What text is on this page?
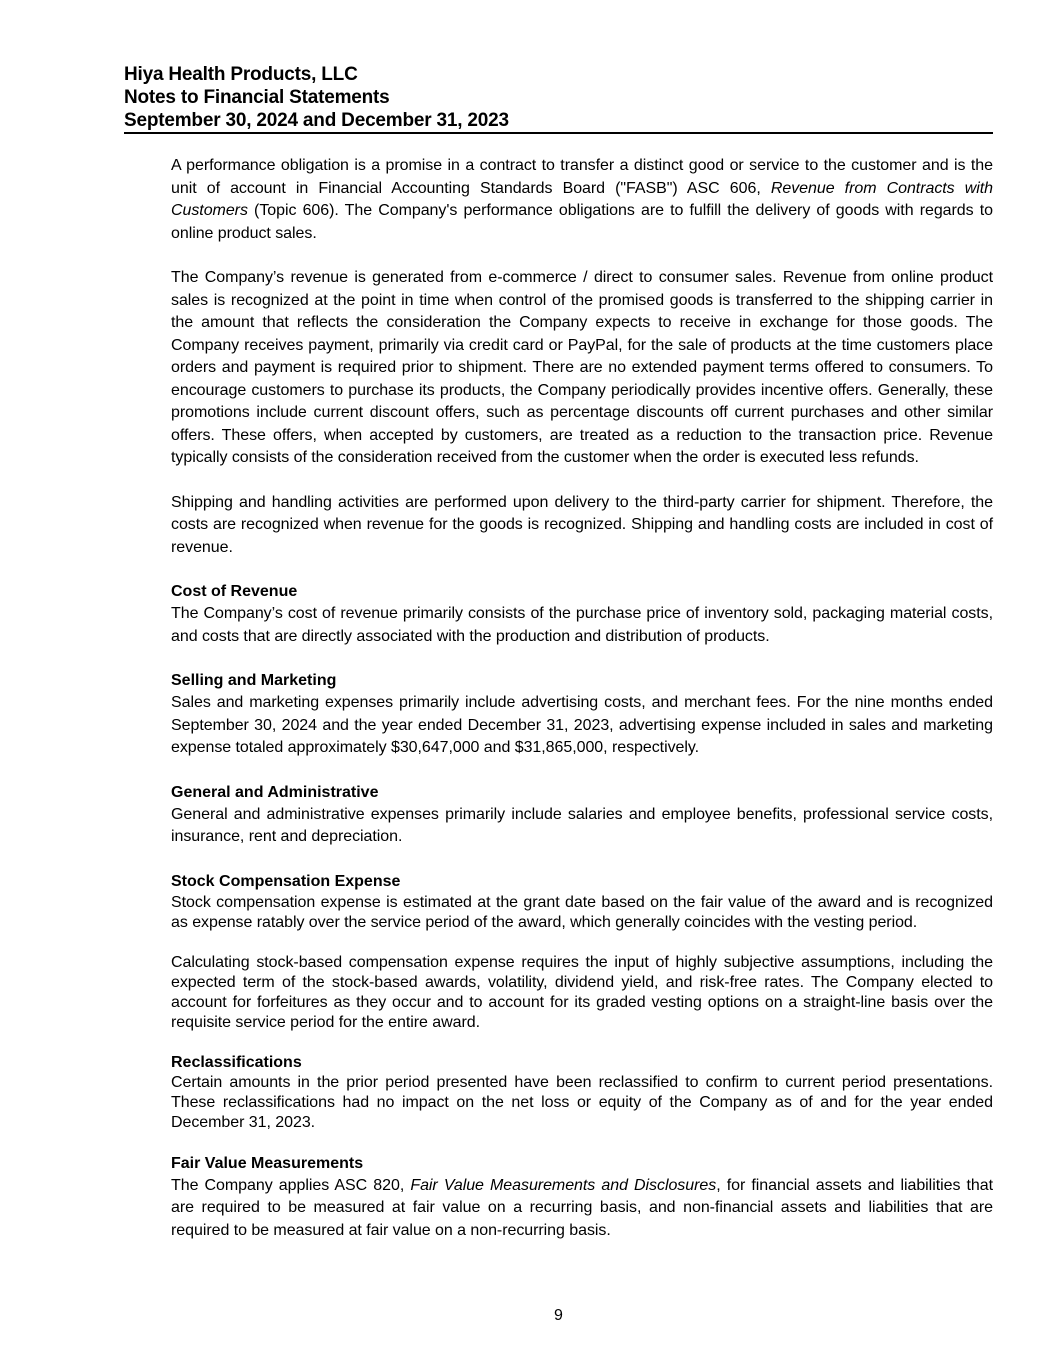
Hiya Health Products, LLC
Notes to Financial Statements
September 30, 2024 and December 31, 2023

A performance obligation is a promise in a contract to transfer a distinct good or service to the customer and is the unit of account in Financial Accounting Standards Board ("FASB") ASC 606, Revenue from Contracts with Customers (Topic 606). The Company's performance obligations are to fulfill the delivery of goods with regards to online product sales.

The Company’s revenue is generated from e-commerce / direct to consumer sales. Revenue from online product sales is recognized at the point in time when control of the promised goods is transferred to the shipping carrier in the amount that reflects the consideration the Company expects to receive in exchange for those goods. The Company receives payment, primarily via credit card or PayPal, for the sale of products at the time customers place orders and payment is required prior to shipment. There are no extended payment terms offered to consumers. To encourage customers to purchase its products, the Company periodically provides incentive offers. Generally, these promotions include current discount offers, such as percentage discounts off current purchases and other similar offers. These offers, when accepted by customers, are treated as a reduction to the transaction price. Revenue typically consists of the consideration received from the customer when the order is executed less refunds.

Shipping and handling activities are performed upon delivery to the third-party carrier for shipment. Therefore, the costs are recognized when revenue for the goods is recognized. Shipping and handling costs are included in cost of revenue.

Cost of Revenue

The Company’s cost of revenue primarily consists of the purchase price of inventory sold, packaging material costs, and costs that are directly associated with the production and distribution of products.

Selling and Marketing

Sales and marketing expenses primarily include advertising costs, and merchant fees. For the nine months ended September 30, 2024 and the year ended December 31, 2023, advertising expense included in sales and marketing expense totaled approximately $30,647,000 and $31,865,000, respectively.

General and Administrative

General and administrative expenses primarily include salaries and employee benefits, professional service costs, insurance, rent and depreciation.

Stock Compensation Expense

Stock compensation expense is estimated at the grant date based on the fair value of the award and is recognized as expense ratably over the service period of the award, which generally coincides with the vesting period.

Calculating stock-based compensation expense requires the input of highly subjective assumptions, including the expected term of the stock-based awards, volatility, dividend yield, and risk-free rates. The Company elected to account for forfeitures as they occur and to account for its graded vesting options on a straight-line basis over the requisite service period for the entire award.

Reclassifications

Certain amounts in the prior period presented have been reclassified to confirm to current period presentations. These reclassifications had no impact on the net loss or equity of the Company as of and for the year ended December 31, 2023.

Fair Value Measurements

The Company applies ASC 820, Fair Value Measurements and Disclosures, for financial assets and liabilities that are required to be measured at fair value on a recurring basis, and non-financial assets and liabilities that are required to be measured at fair value on a non-recurring basis.

9
